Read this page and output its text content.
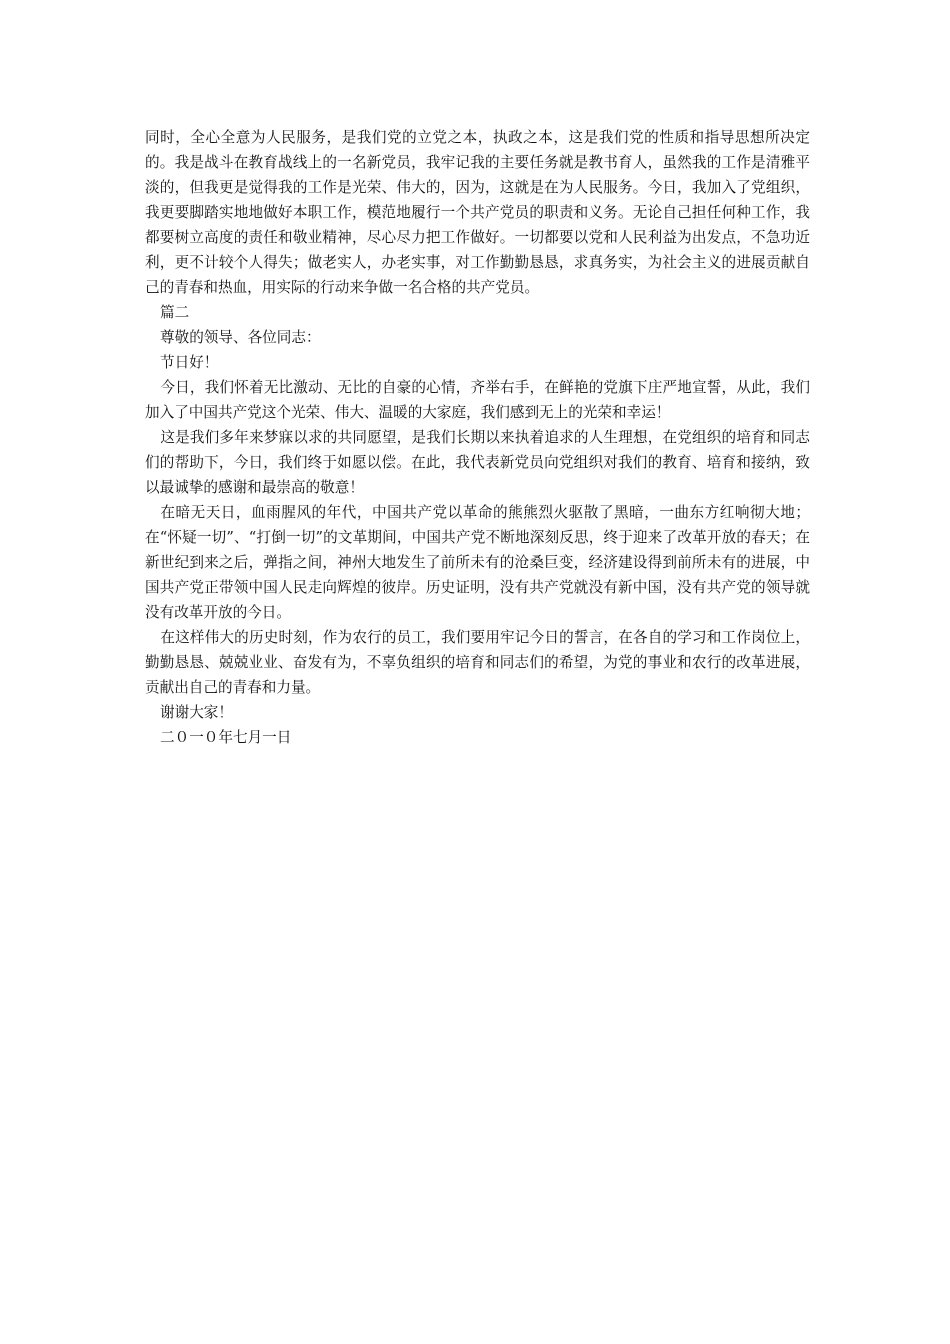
同时，全心全意为人民服务，是我们党的立党之本，执政之本，这是我们党的性质和指导思想所决定的。我是战斗在教育战线上的一名新党员，我牢记我的主要任务就是教书育人，虽然我的工作是清雅平淡的，但我更是觉得我的工作是光荣、伟大的，因为，这就是在为人民服务。今日，我加入了党组织，我更要脚踏实地地做好本职工作，模范地履行一个共产党员的职责和义务。无论自己担任何种工作，我都要树立高度的责任和敬业精神，尽心尽力把工作做好。一切都要以党和人民利益为出发点，不急功近利，更不计较个人得失；做老实人，办老实事，对工作勤勤恳恳，求真务实，为社会主义的进展贡献自己的青春和热血，用实际的行动来争做一名合格的共产党员。

篇二

尊敬的领导、各位同志：

节日好！

今日，我们怀着无比激动、无比的自豪的心情，齐举右手，在鲜艳的党旗下庄严地宣誓，从此，我们加入了中国共产党这个光荣、伟大、温暖的大家庭，我们感到无上的光荣和幸运！

这是我们多年来梦寐以求的共同愿望，是我们长期以来执着追求的人生理想，在党组织的培育和同志们的帮助下，今日，我们终于如愿以偿。在此，我代表新党员向党组织对我们的教育、培育和接纳，致以最诚挚的感谢和最崇高的敬意！

在暗无天日，血雨腥风的年代，中国共产党以革命的熊熊烈火驱散了黑暗，一曲东方红响彻大地；在“怀疑一切”、“打倒一切”的文革期间，中国共产党不断地深刻反思，终于迎来了改革开放的春天；在新世纪到来之后，弹指之间，神州大地发生了前所未有的沧桑巨变，经济建设得到前所未有的进展，中国共产党正带领中国人民走向辉煌的彼岸。历史证明，没有共产党就没有新中国，没有共产党的领导就没有改革开放的今日。

在这样伟大的历史时刻，作为农行的员工，我们要用牢记今日的誓言，在各自的学习和工作岗位上，勤勤恳恳、兢兢业业、奋发有为，不辜负组织的培育和同志们的希望，为党的事业和农行的改革进展，贡献出自己的青春和力量。

谢谢大家！

二０一０年七月一日
